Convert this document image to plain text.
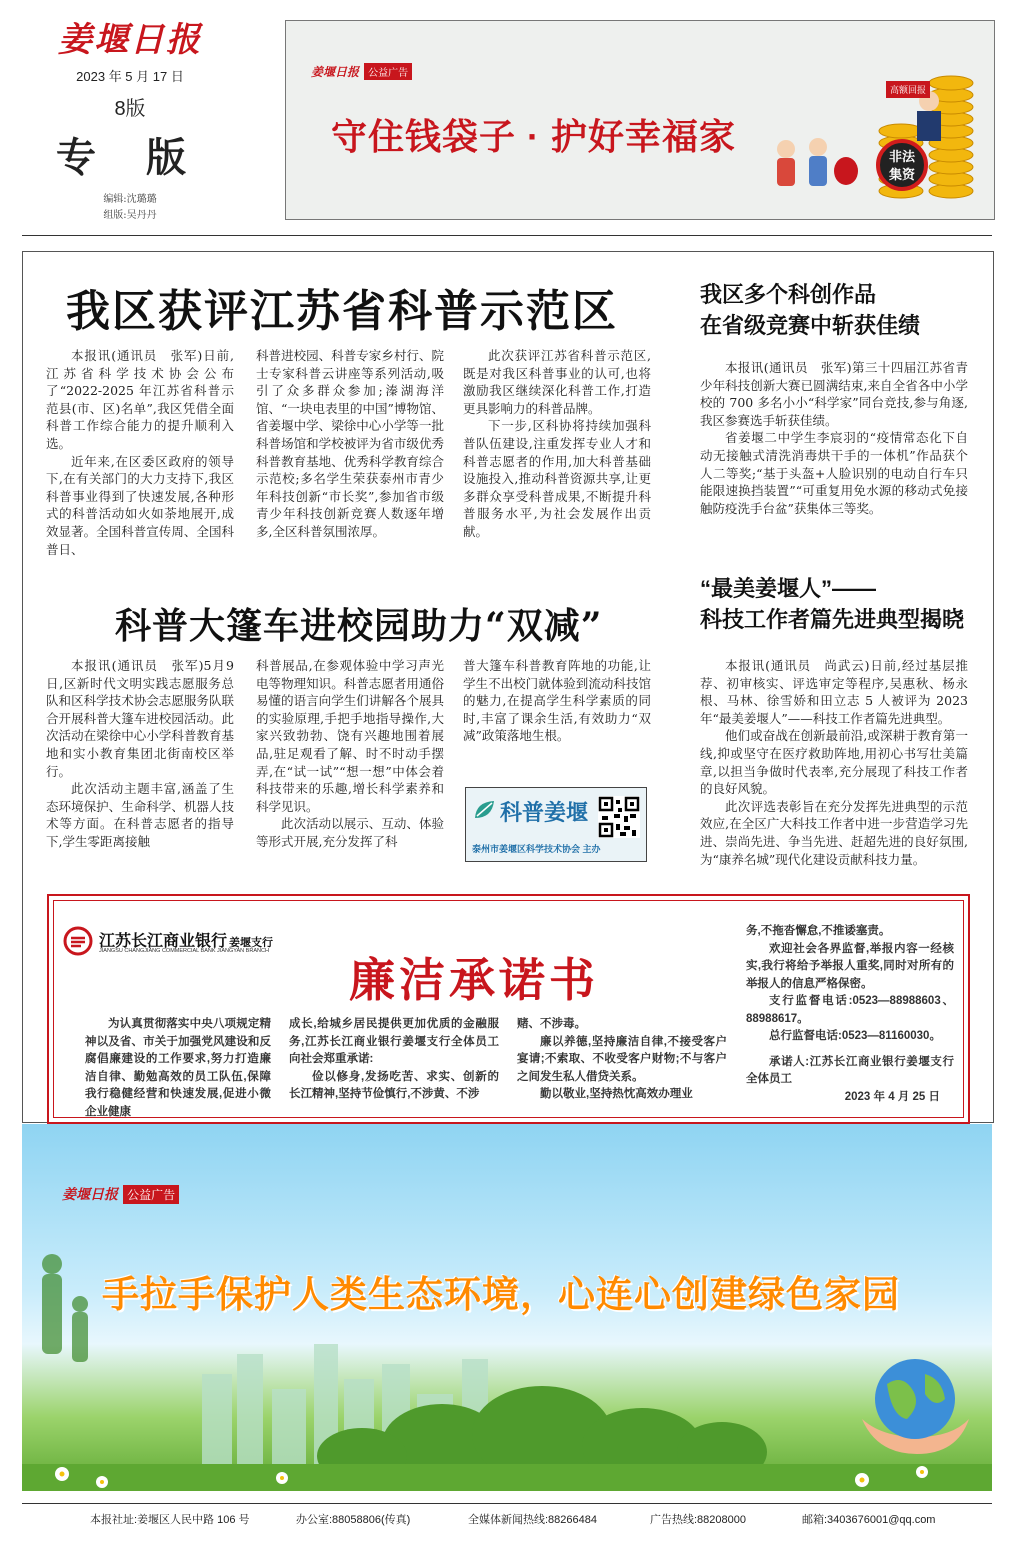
姜堰日报
2023 年 5 月 17 日
8版
专 版
编辑:沈璐璐
组版:吴丹丹
姜堰日报 公益广告
守住钱袋子 · 护好幸福家
高额回报
非法集资
我区获评江苏省科普示范区

本报讯(通讯员　张军)日前,江苏省科学技术协会公布了“2022-2025 年江苏省科普示范县(市、区)名单”,我区凭借全面科普工作综合能力的提升顺利入选。

近年来,在区委区政府的领导下,在有关部门的大力支持下,我区科普事业得到了快速发展,各种形式的科普活动如火如荼地展开,成效显著。全国科普宣传周、全国科普日、

科普进校园、科普专家乡村行、院士专家科普云讲座等系列活动,吸引了众多群众参加;溱湖海洋馆、“一块电表里的中国”博物馆、省姜堰中学、梁徐中心小学等一批科普场馆和学校被评为省市级优秀科普教育基地、优秀科学教育综合示范校;多名学生荣获泰州市青少年科技创新“市长奖”,参加省市级青少年科技创新竞赛人数逐年增多,全区科普氛围浓厚。

此次获评江苏省科普示范区,既是对我区科普事业的认可,也将激励我区继续深化科普工作,打造更具影响力的科普品牌。

下一步,区科协将持续加强科普队伍建设,注重发挥专业人才和科普志愿者的作用,加大科普基础设施投入,推动科普资源共享,让更多群众享受科普成果,不断提升科普服务水平,为社会发展作出贡献。

科普大篷车进校园助力“双减”

本报讯(通讯员　张军)5月9日,区新时代文明实践志愿服务总队和区科学技术协会志愿服务队联合开展科普大篷车进校园活动。此次活动在梁徐中心小学科普教育基地和实小教育集团北街南校区举行。

此次活动主题丰富,涵盖了生态环境保护、生命科学、机器人技术等方面。在科普志愿者的指导下,学生零距离接触

科普展品,在参观体验中学习声光电等物理知识。科普志愿者用通俗易懂的语言向学生们讲解各个展具的实验原理,手把手地指导操作,大家兴致勃勃、饶有兴趣地围着展品,驻足观看了解、时不时动手摆弄,在“试一试”“想一想”中体会着科技带来的乐趣,增长科学素养和科学见识。

此次活动以展示、互动、体验等形式开展,充分发挥了科

普大篷车科普教育阵地的功能,让学生不出校门就体验到流动科技馆的魅力,在提高学生科学素质的同时,丰富了课余生活,有效助力“双减”政策落地生根。

科普姜堰
泰州市姜堰区科学技术协会 主办
我区多个科创作品
在省级竞赛中斩获佳绩

本报讯(通讯员　张军)第三十四届江苏省青少年科技创新大赛已圆满结束,来自全省各中小学校的 700 多名小小“科学家”同台竞技,参与角逐,我区参赛选手斩获佳绩。

省姜堰二中学生李宸羽的“疫情常态化下自动无接触式清洗消毒烘干手的一体机”作品获个人二等奖;“基于头盔+人脸识别的电动自行车只能限速换挡装置”“可重复用免水源的移动式免接触防疫洗手台盆”获集体三等奖。

“最美姜堰人”——
科技工作者篇先进典型揭晓

本报讯(通讯员　尚武云)日前,经过基层推荐、初审核实、评选审定等程序,吴惠秋、杨永根、马林、徐雪娇和田立志 5 人被评为 2023 年“最美姜堰人”——科技工作者篇先进典型。

他们或奋战在创新最前沿,或深耕于教育第一线,抑或坚守在医疗救助阵地,用初心书写壮美篇章,以担当争做时代表率,充分展现了科技工作者的良好风貌。

此次评选表彰旨在充分发挥先进典型的示范效应,在全区广大科技工作者中进一步营造学习先进、崇尚先进、争当先进、赶超先进的良好氛围,为“康养名城”现代化建设贡献科技力量。

江苏长江商业银行 姜堰支行
JIANGSU CHANGJIANG COMMERCIAL BANK JIANGYAN BRANCH
廉洁承诺书

为认真贯彻落实中央八项规定精神以及省、市关于加强党风建设和反腐倡廉建设的工作要求,努力打造廉洁自律、勤勉高效的员工队伍,保障我行稳健经营和快速发展,促进小微企业健康

成长,给城乡居民提供更加优质的金融服务,江苏长江商业银行姜堰支行全体员工向社会郑重承诺:

俭以修身,发扬吃苦、求实、创新的长江精神,坚持节俭慎行,不涉黄、不涉

赌、不涉毒。

廉以养德,坚持廉洁自律,不接受客户宴请;不索取、不收受客户财物;不与客户之间发生私人借贷关系。

勤以敬业,坚持热忱高效办理业

务,不拖沓懈怠,不推诿塞责。

欢迎社会各界监督,举报内容一经核实,我行将给予举报人重奖,同时对所有的举报人的信息严格保密。

支行监督电话:0523—88988603、88988617。

总行监督电话:0523—81160030。

承诺人:江苏长江商业银行姜堰支行全体员工

2023 年 4 月 25 日
姜堰日报 公益广告
手拉手保护人类生态环境，心连心创建绿色家园
本报社址:姜堰区人民中路 106 号	办公室:88058806(传真)	全媒体新闻热线:88266484	广告热线:88208000	邮箱:3403676001@qq.com
